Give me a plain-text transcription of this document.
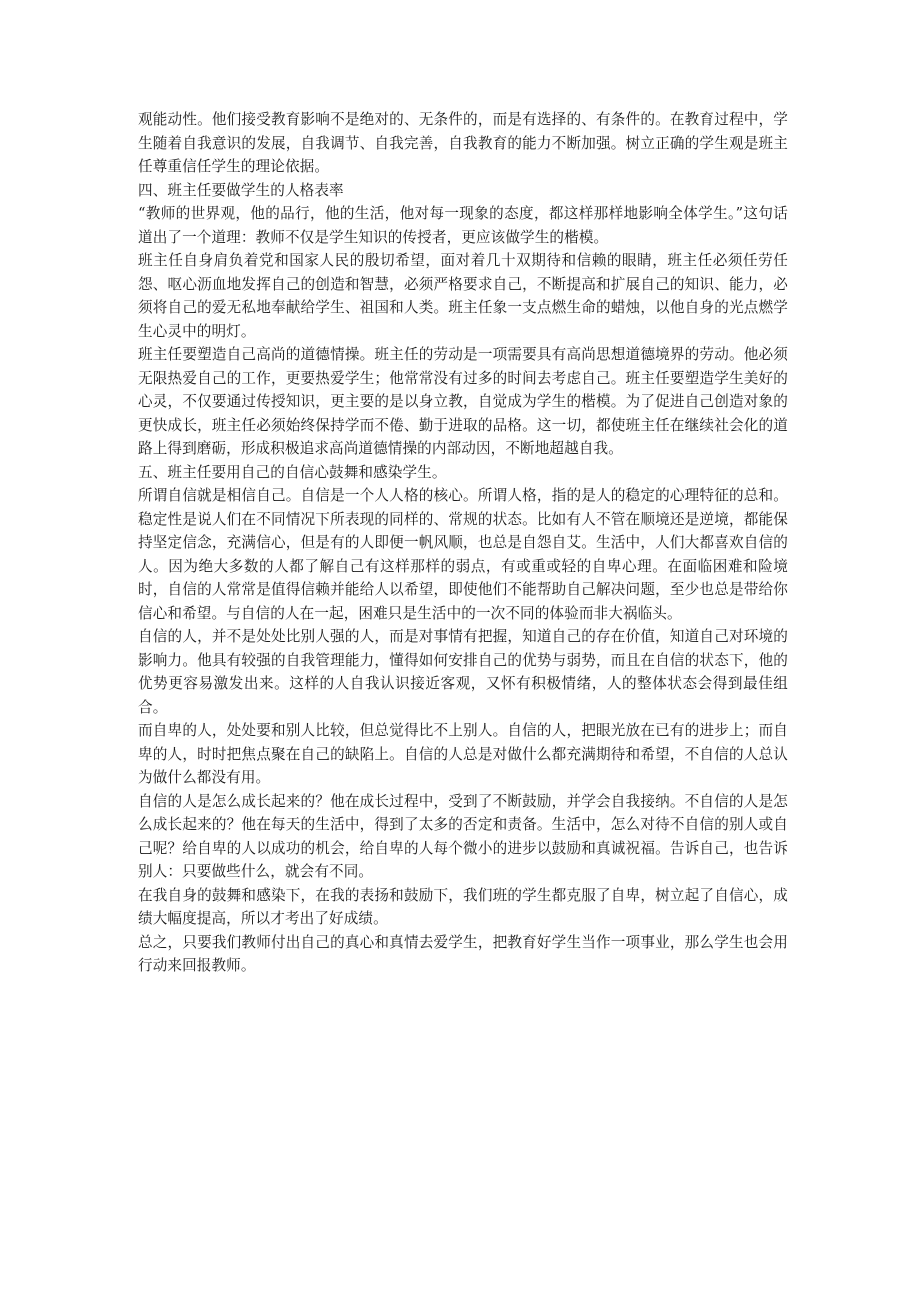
观能动性。他们接受教育影响不是绝对的、无条件的，而是有选择的、有条件的。在教育过程中，学生随着自我意识的发展，自我调节、自我完善，自我教育的能力不断加强。树立正确的学生观是班主任尊重信任学生的理论依据。

四、班主任要做学生的人格表率

“教师的世界观，他的品行，他的生活，他对每一现象的态度，都这样那样地影响全体学生。”这句话道出了一个道理：教师不仅是学生知识的传授者，更应该做学生的楷模。

班主任自身肩负着党和国家人民的殷切希望，面对着几十双期待和信赖的眼睛，班主任必须任劳任怨、呕心沥血地发挥自己的创造和智慧，必须严格要求自己，不断提高和扩展自己的知识、能力，必须将自己的爱无私地奉献给学生、祖国和人类。班主任象一支点燃生命的蜡烛，以他自身的光点燃学生心灵中的明灯。

班主任要塑造自己高尚的道德情操。班主任的劳动是一项需要具有高尚思想道德境界的劳动。他必须无限热爱自己的工作，更要热爱学生；他常常没有过多的时间去考虑自己。班主任要塑造学生美好的心灵，不仅要通过传授知识，更主要的是以身立教，自觉成为学生的楷模。为了促进自己创造对象的更快成长，班主任必须始终保持学而不倦、勤于进取的品格。这一切，都使班主任在继续社会化的道路上得到磨砺，形成积极追求高尚道德情操的内部动因，不断地超越自我。

五、班主任要用自己的自信心鼓舞和感染学生。

所谓自信就是相信自己。自信是一个人人格的核心。所谓人格，指的是人的稳定的心理特征的总和。稳定性是说人们在不同情况下所表现的同样的、常规的状态。比如有人不管在顺境还是逆境，都能保持坚定信念，充满信心，但是有的人即便一帆风顺，也总是自怨自艾。生活中，人们大都喜欢自信的人。因为绝大多数的人都了解自己有这样那样的弱点，有或重或轻的自卑心理。在面临困难和险境时，自信的人常常是值得信赖并能给人以希望，即使他们不能帮助自己解决问题，至少也总是带给你信心和希望。与自信的人在一起，困难只是生活中的一次不同的体验而非大祸临头。

自信的人，并不是处处比别人强的人，而是对事情有把握，知道自己的存在价值，知道自己对环境的影响力。他具有较强的自我管理能力，懂得如何安排自己的优势与弱势，而且在自信的状态下，他的优势更容易激发出来。这样的人自我认识接近客观，又怀有积极情绪，人的整体状态会得到最佳组合。

而自卑的人，处处要和别人比较，但总觉得比不上别人。自信的人，把眼光放在已有的进步上；而自卑的人，时时把焦点聚在自己的缺陷上。自信的人总是对做什么都充满期待和希望，不自信的人总认为做什么都没有用。

自信的人是怎么成长起来的？他在成长过程中，受到了不断鼓励，并学会自我接纳。不自信的人是怎么成长起来的？他在每天的生活中，得到了太多的否定和责备。生活中，怎么对待不自信的别人或自己呢？给自卑的人以成功的机会，给自卑的人每个微小的进步以鼓励和真诚祝福。告诉自己，也告诉别人：只要做些什么，就会有不同。

在我自身的鼓舞和感染下，在我的表扬和鼓励下，我们班的学生都克服了自卑，树立起了自信心，成绩大幅度提高，所以才考出了好成绩。

总之，只要我们教师付出自己的真心和真情去爱学生，把教育好学生当作一项事业，那么学生也会用行动来回报教师。
